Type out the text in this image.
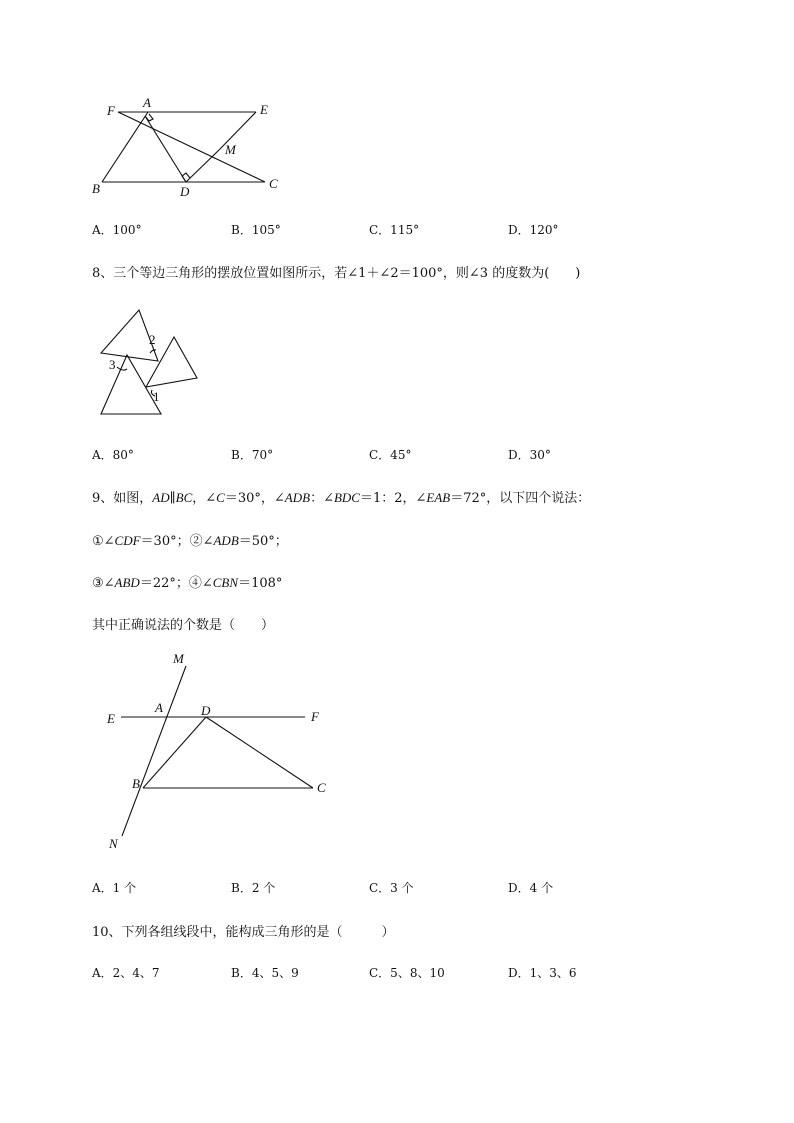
F
A	E
M
B	D
C
A．100°	B．105°	C．115°	D．120°
8、三个等边三角形的摆放位置如图所示，若∠1＋∠2＝100°，则∠3 的度数为(　　)
2
3
1
A．80°	B．70°	C．45°	D．30°
9、如图，AD∥BC，∠C＝30°，∠ADB：∠BDC＝1：2，∠EAB＝72°，以下四个说法：
①∠CDF＝30°；②∠ADB＝50°；
③∠ABD＝22°；④∠CBN＝108°
其中正确说法的个数是（　　）
M
A	D
E	F
B	C
N
A．1 个	B．2 个	C．3 个	D．4 个
10、下列各组线段中，能构成三角形的是（　　　）
A．2、4、7	B．4、5、9	C．5、8、10	D．1、3、6
